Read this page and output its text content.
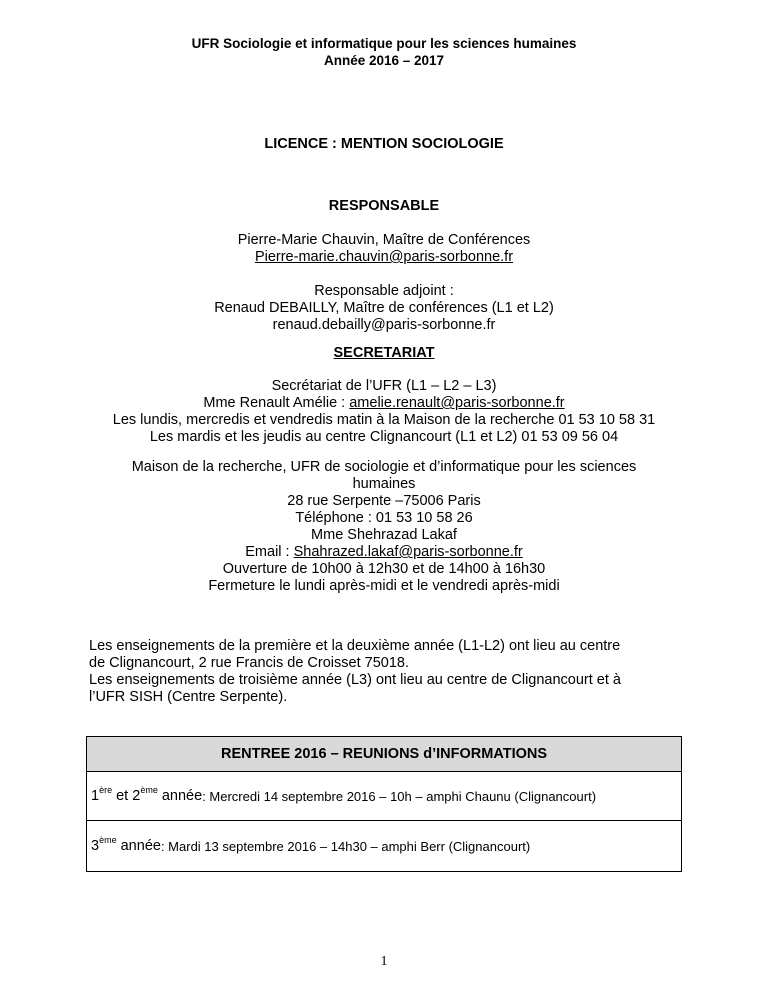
UFR Sociologie et informatique pour les sciences humaines
Année 2016 – 2017
LICENCE : MENTION SOCIOLOGIE
RESPONSABLE
Pierre-Marie Chauvin, Maître de Conférences
Pierre-marie.chauvin@paris-sorbonne.fr
Responsable adjoint :
Renaud DEBAILLY, Maître de conférences (L1 et L2)
renaud.debailly@paris-sorbonne.fr
SECRETARIAT
Secrétariat de l’UFR (L1 – L2 – L3)
Mme Renault Amélie : amelie.renault@paris-sorbonne.fr
Les lundis, mercredis et vendredis matin à la Maison de la recherche 01 53 10 58 31
Les mardis et les jeudis au centre Clignancourt (L1 et L2) 01 53 09 56 04
Maison de la recherche, UFR de sociologie et d’informatique pour les sciences
humaines
28 rue Serpente –75006 Paris
Téléphone : 01 53 10 58 26
Mme Shehrazad Lakaf
Email : Shahrazed.lakaf@paris-sorbonne.fr
Ouverture de 10h00 à 12h30 et de 14h00 à 16h30
Fermeture le lundi après-midi et le vendredi après-midi

Les enseignements de la première et la deuxième année (L1-L2) ont lieu au centre

de Clignancourt, 2 rue Francis de Croisset 75018.

Les enseignements de troisième année (L3) ont lieu au centre de Clignancourt et à

l’UFR SISH (Centre Serpente).

RENTREE 2016 – REUNIONS d’INFORMATIONS
1ère et 2ème année : Mercredi 14 septembre 2016 – 10h – amphi Chaunu (Clignancourt)
3ème année : Mardi 13 septembre 2016 – 14h30 – amphi Berr (Clignancourt)
1
